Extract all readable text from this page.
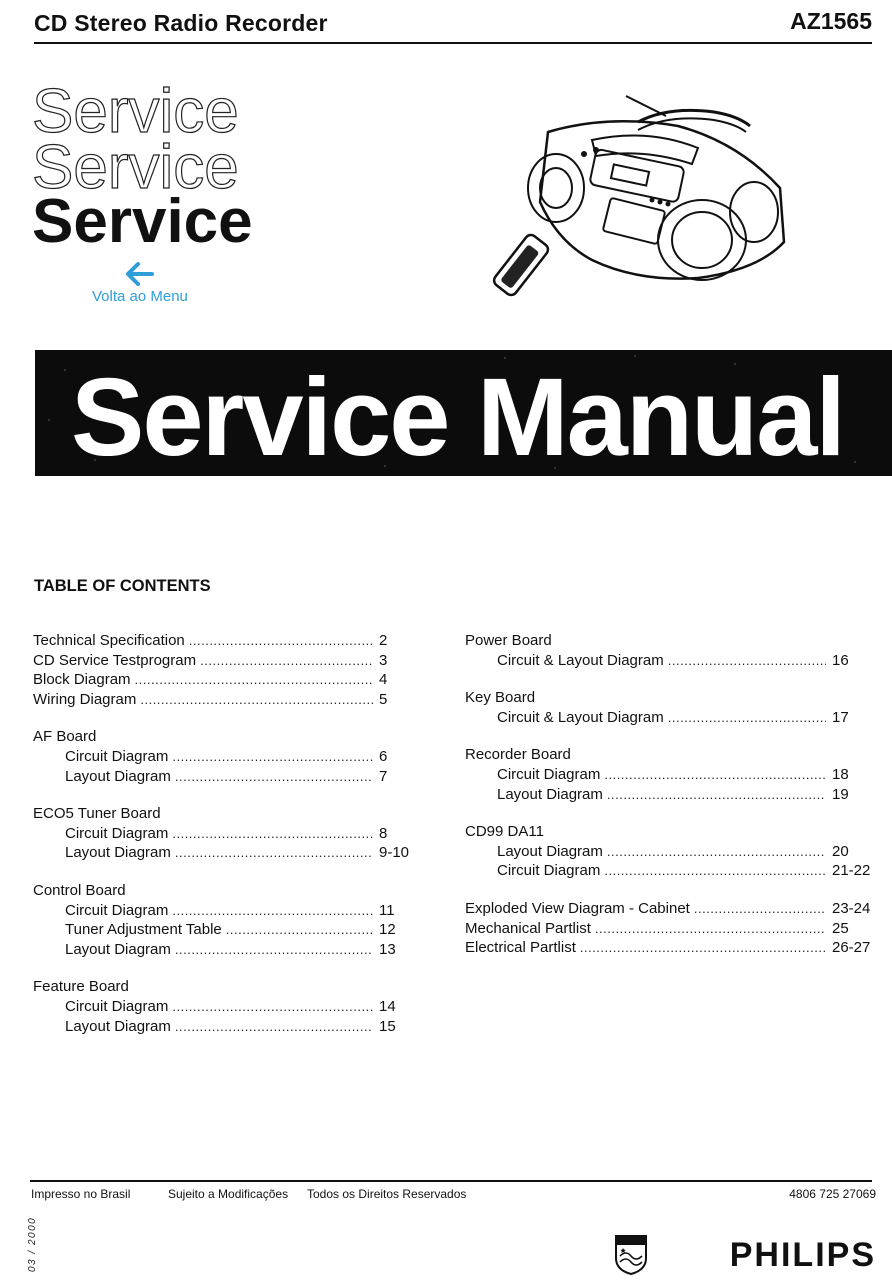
CD Stereo Radio Recorder	AZ1565
Service
Service
Service
Volta ao Menu
Service Manual
TABLE OF CONTENTS
Technical Specification .....	2
CD Service Testprogram .....	3
Block Diagram .....	4
Wiring Diagram .....	5
AF Board
Circuit Diagram .....	6
Layout Diagram .....	7
ECO5 Tuner Board
Circuit Diagram .....	8
Layout Diagram .....	9-10
Control Board
Circuit Diagram .....	11
Tuner Adjustment Table .....	12
Layout Diagram .....	13
Feature Board
Circuit Diagram .....	14
Layout Diagram .....	15
Power Board
Circuit & Layout Diagram .....	16
Key Board
Circuit & Layout Diagram .....	17
Recorder Board
Circuit Diagram .....	18
Layout Diagram .....	19
CD99 DA11
Layout Diagram .....	20
Circuit Diagram .....	21-22
Exploded View Diagram - Cabinet .....	23-24
Mechanical Partlist .....	25
Electrical Partlist .....	26-27
Impresso no Brasil	Sujeito a Modificações Todos os Direitos Reservados	4806 725 27069
03 / 2000	PHILIPS
